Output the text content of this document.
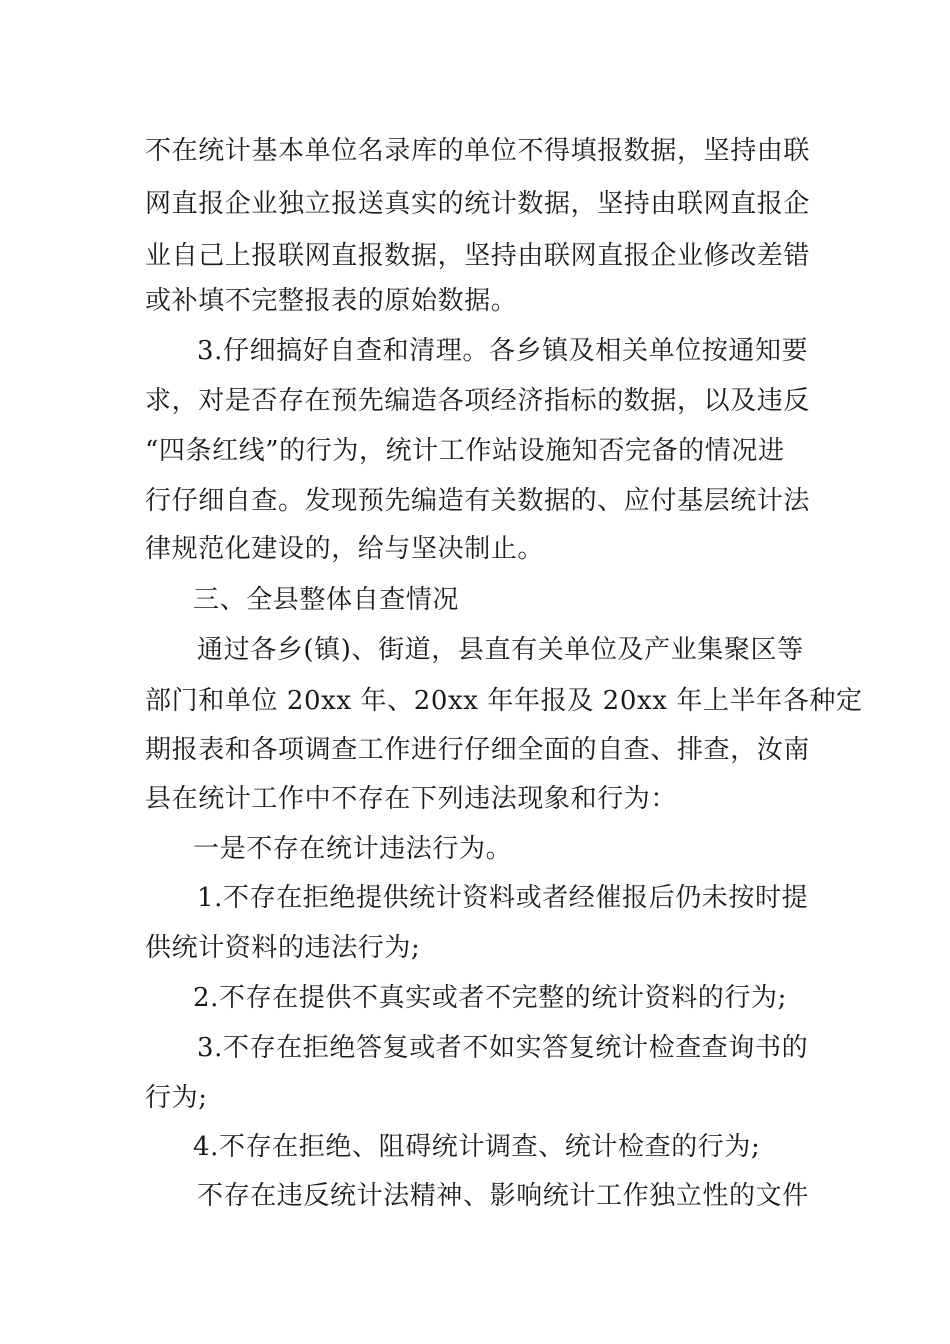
不在统计基本单位名录库的单位不得填报数据，坚持由联
网直报企业独立报送真实的统计数据，坚持由联网直报企
业自己上报联网直报数据，坚持由联网直报企业修改差错
或补填不完整报表的原始数据。
3.仔细搞好自查和清理。各乡镇及相关单位按通知要
求，对是否存在预先编造各项经济指标的数据，以及违反
“四条红线”的行为，统计工作站设施知否完备的情况进
行仔细自查。发现预先编造有关数据的、应付基层统计法
律规范化建设的，给与坚决制止。
三、全县整体自查情况
通过各乡(镇)、街道，县直有关单位及产业集聚区等
部门和单位 20xx 年、20xx 年年报及 20xx 年上半年各种定
期报表和各项调查工作进行仔细全面的自查、排查，汝南
县在统计工作中不存在下列违法现象和行为：
一是不存在统计违法行为。
1.不存在拒绝提供统计资料或者经催报后仍未按时提
供统计资料的违法行为;
2.不存在提供不真实或者不完整的统计资料的行为;
3.不存在拒绝答复或者不如实答复统计检查查询书的
行为;
4.不存在拒绝、阻碍统计调查、统计检查的行为;
不存在违反统计法精神、影响统计工作独立性的文件
